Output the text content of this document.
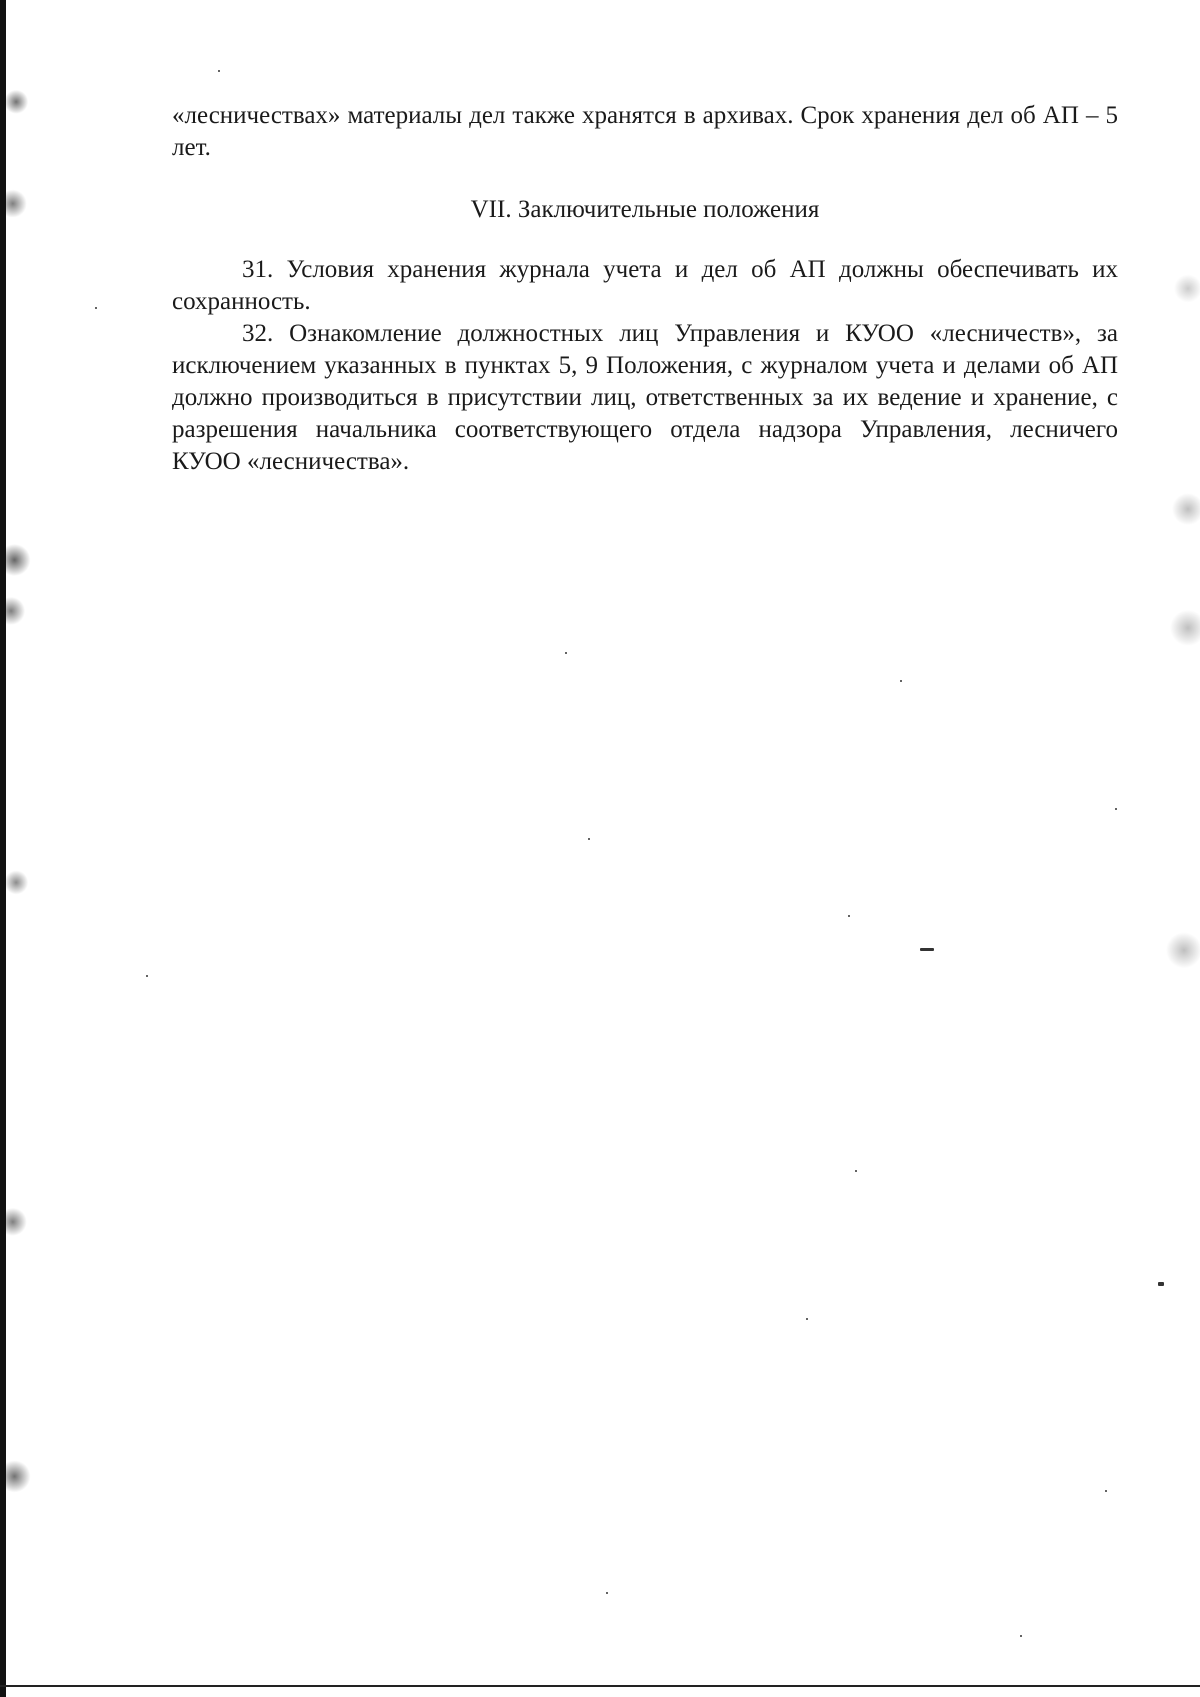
«лесничествах» материалы дел также хранятся в архивах. Срок хранения дел об АП – 5 лет.

VII. Заключительные положения

31. Условия хранения журнала учета и дел об АП должны обеспечивать их сохранность.

32. Ознакомление должностных лиц Управления и КУОО «лесничеств», за исключением указанных в пунктах 5, 9 Положения, с журналом учета и делами об АП должно производиться в присутствии лиц, ответственных за их ведение и хранение, с разрешения начальника соответствующего отдела надзора Управления, лесничего КУОО «лесничества».
